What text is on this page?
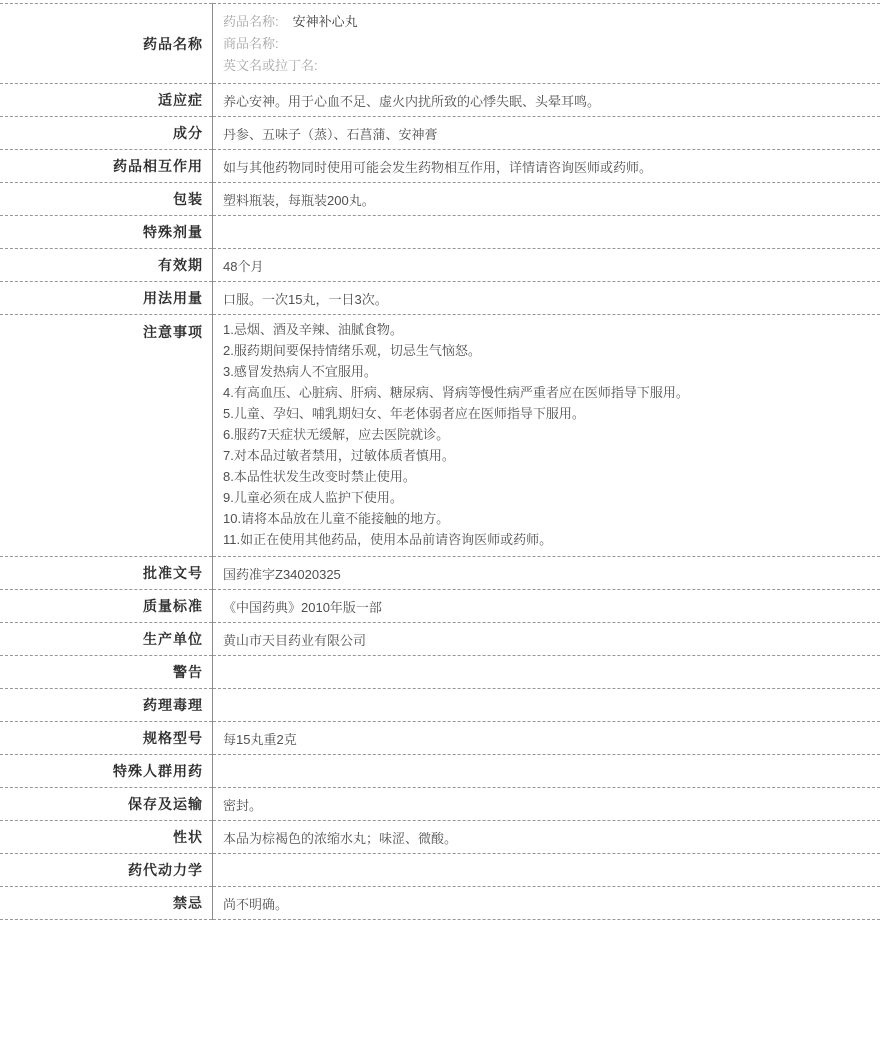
药品名称	药品名称: 安神补心丸
商品名称:
英文名或拉丁名:

适应症	养心安神。用于心血不足、虚火内扰所致的心悸失眠、头晕耳鸣。
成分	丹参、五味子（蒸）、石菖蒲、安神膏
药品相互作用	如与其他药物同时使用可能会发生药物相互作用，详情请咨询医师或药师。
包装	塑料瓶装，每瓶装200丸。
特殊剂量	
有效期	48个月
用法用量	口服。一次15丸，一日3次。
注意事项	1.忌烟、酒及辛辣、油腻食物。
2.服药期间要保持情绪乐观，切忌生气恼怒。
3.感冒发热病人不宜服用。
4.有高血压、心脏病、肝病、糖尿病、肾病等慢性病严重者应在医师指导下服用。
5.儿童、孕妇、哺乳期妇女、年老体弱者应在医师指导下服用。
6.服药7天症状无缓解，应去医院就诊。
7.对本品过敏者禁用，过敏体质者慎用。
8.本品性状发生改变时禁止使用。
9.儿童必须在成人监护下使用。
10.请将本品放在儿童不能接触的地方。
11.如正在使用其他药品，使用本品前请咨询医师或药师。

批准文号	国药准字Z34020325
质量标准	《中国药典》2010年版一部
生产单位	黄山市天目药业有限公司
警告	
药理毒理	
规格型号	每15丸重2克
特殊人群用药	
保存及运输	密封。
性状	本品为棕褐色的浓缩水丸；味涩、微酸。
药代动力学	
禁忌	尚不明确。
